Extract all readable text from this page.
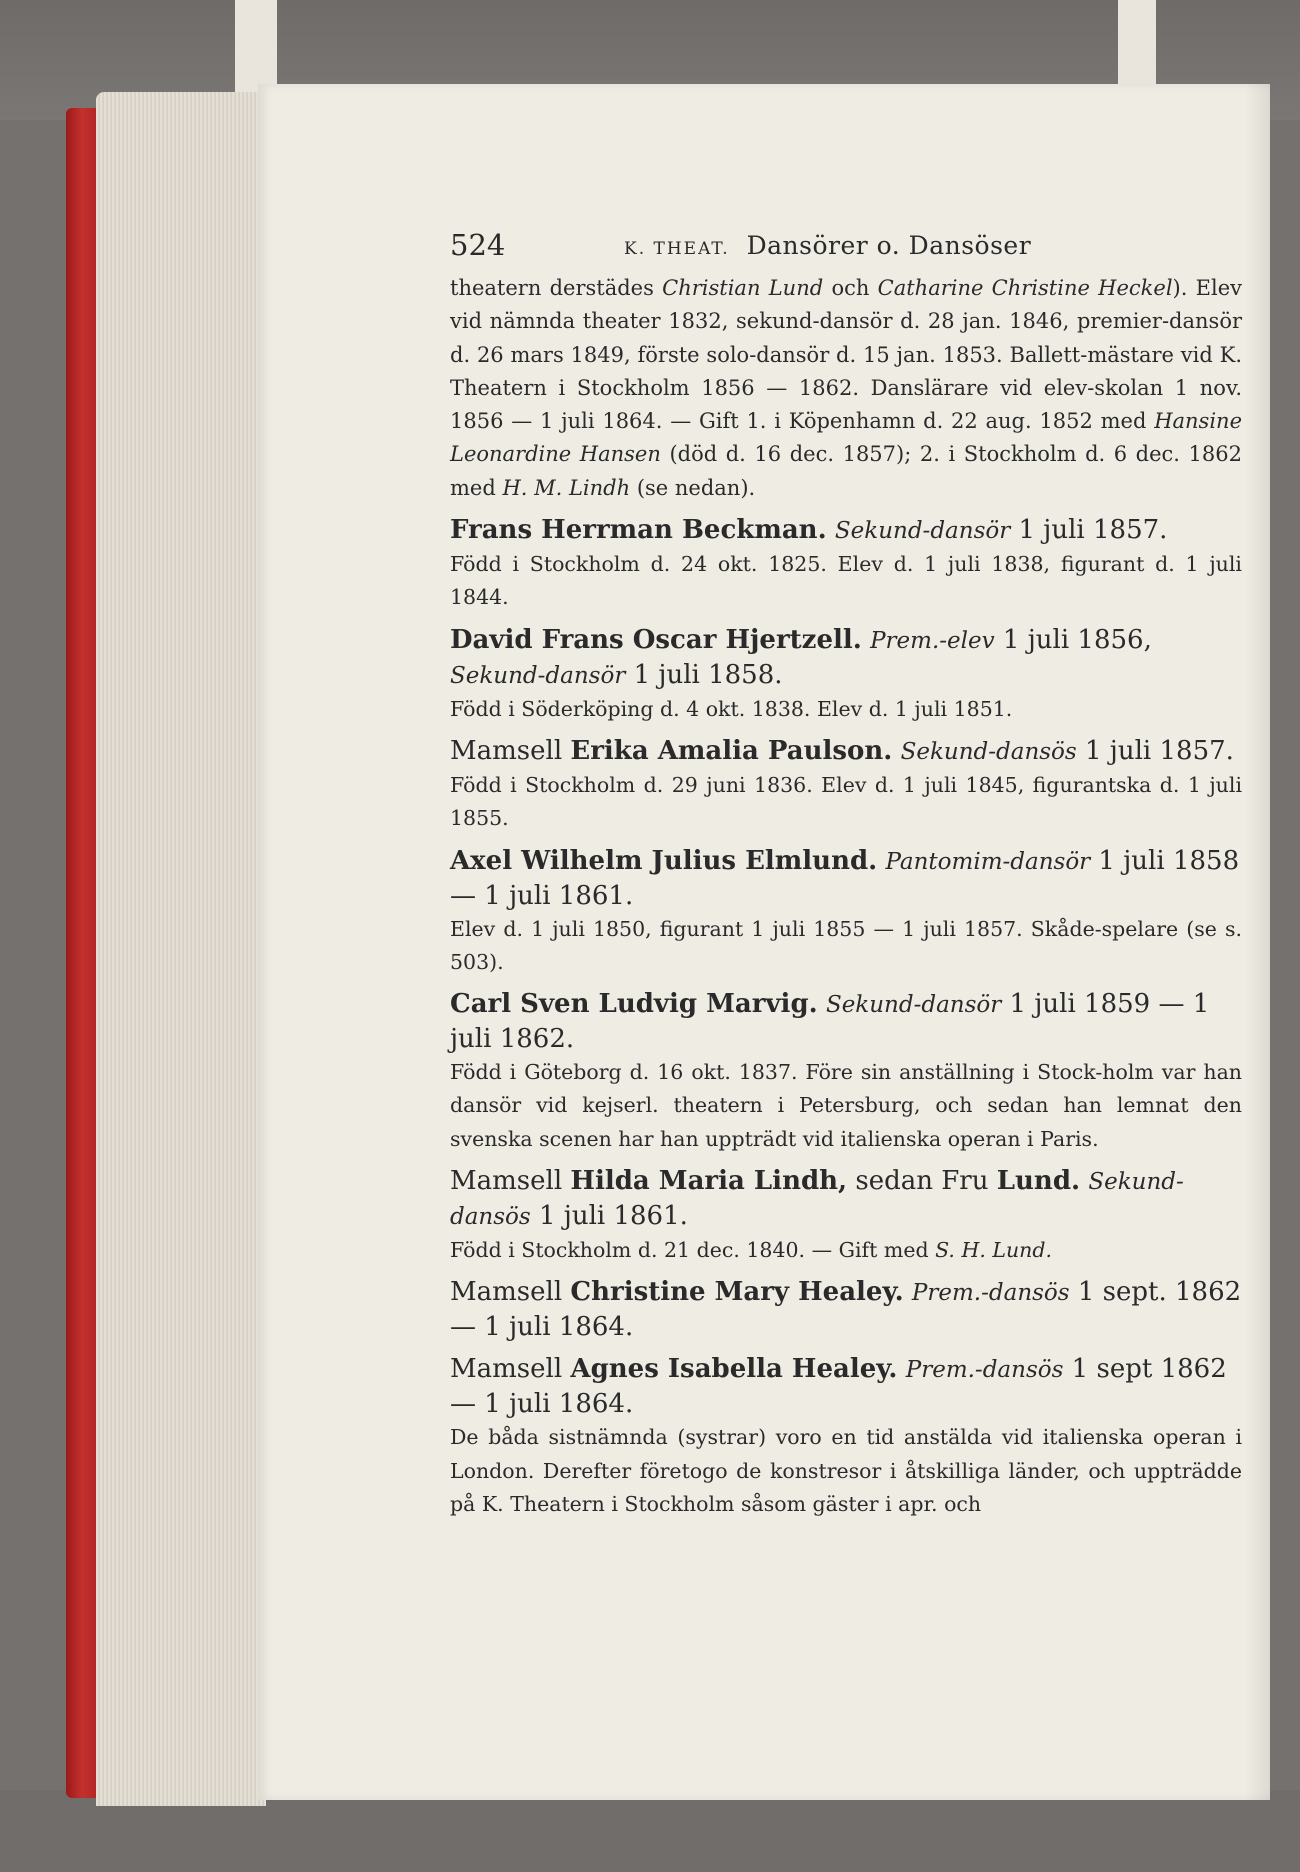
524	K. THEAT. Dansörer o. Dansöser

theatern derstädes Christian Lund och Catharine Christine Heckel). Elev vid nämnda theater 1832, sekund-dansör d. 28 jan. 1846, premier-dansör d. 26 mars 1849, förste solo-dansör d. 15 jan. 1853. Ballett-mästare vid K. Theatern i Stockholm 1856 — 1862. Danslärare vid elev-skolan 1 nov. 1856 — 1 juli 1864. — Gift 1. i Köpenhamn d. 22 aug. 1852 med Hansine Leonardine Hansen (död d. 16 dec. 1857); 2. i Stockholm d. 6 dec. 1862 med H. M. Lindh (se nedan).

Frans Herrman Beckman. Sekund-dansör 1 juli 1857.

Född i Stockholm d. 24 okt. 1825. Elev d. 1 juli 1838, figurant d. 1 juli 1844.

David Frans Oscar Hjertzell. Prem.-elev 1 juli 1856, Sekund-dansör 1 juli 1858.

Född i Söderköping d. 4 okt. 1838. Elev d. 1 juli 1851.

Mamsell Erika Amalia Paulson. Sekund-dansös 1 juli 1857.

Född i Stockholm d. 29 juni 1836. Elev d. 1 juli 1845, figurantska d. 1 juli 1855.

Axel Wilhelm Julius Elmlund. Pantomim-dansör 1 juli 1858 — 1 juli 1861.

Elev d. 1 juli 1850, figurant 1 juli 1855 — 1 juli 1857. Skåde-spelare (se s. 503).

Carl Sven Ludvig Marvig. Sekund-dansör 1 juli 1859 — 1 juli 1862.

Född i Göteborg d. 16 okt. 1837. Före sin anställning i Stock-holm var han dansör vid kejserl. theatern i Petersburg, och sedan han lemnat den svenska scenen har han uppträdt vid italienska operan i Paris.

Mamsell Hilda Maria Lindh, sedan Fru Lund. Sekund-dansös 1 juli 1861.

Född i Stockholm d. 21 dec. 1840. — Gift med S. H. Lund.

Mamsell Christine Mary Healey. Prem.-dansös 1 sept. 1862 — 1 juli 1864.

Mamsell Agnes Isabella Healey. Prem.-dansös 1 sept 1862 — 1 juli 1864.

De båda sistnämnda (systrar) voro en tid anstälda vid italienska operan i London. Derefter företogo de konstresor i åtskilliga länder, och uppträdde på K. Theatern i Stockholm såsom gäster i apr. och
